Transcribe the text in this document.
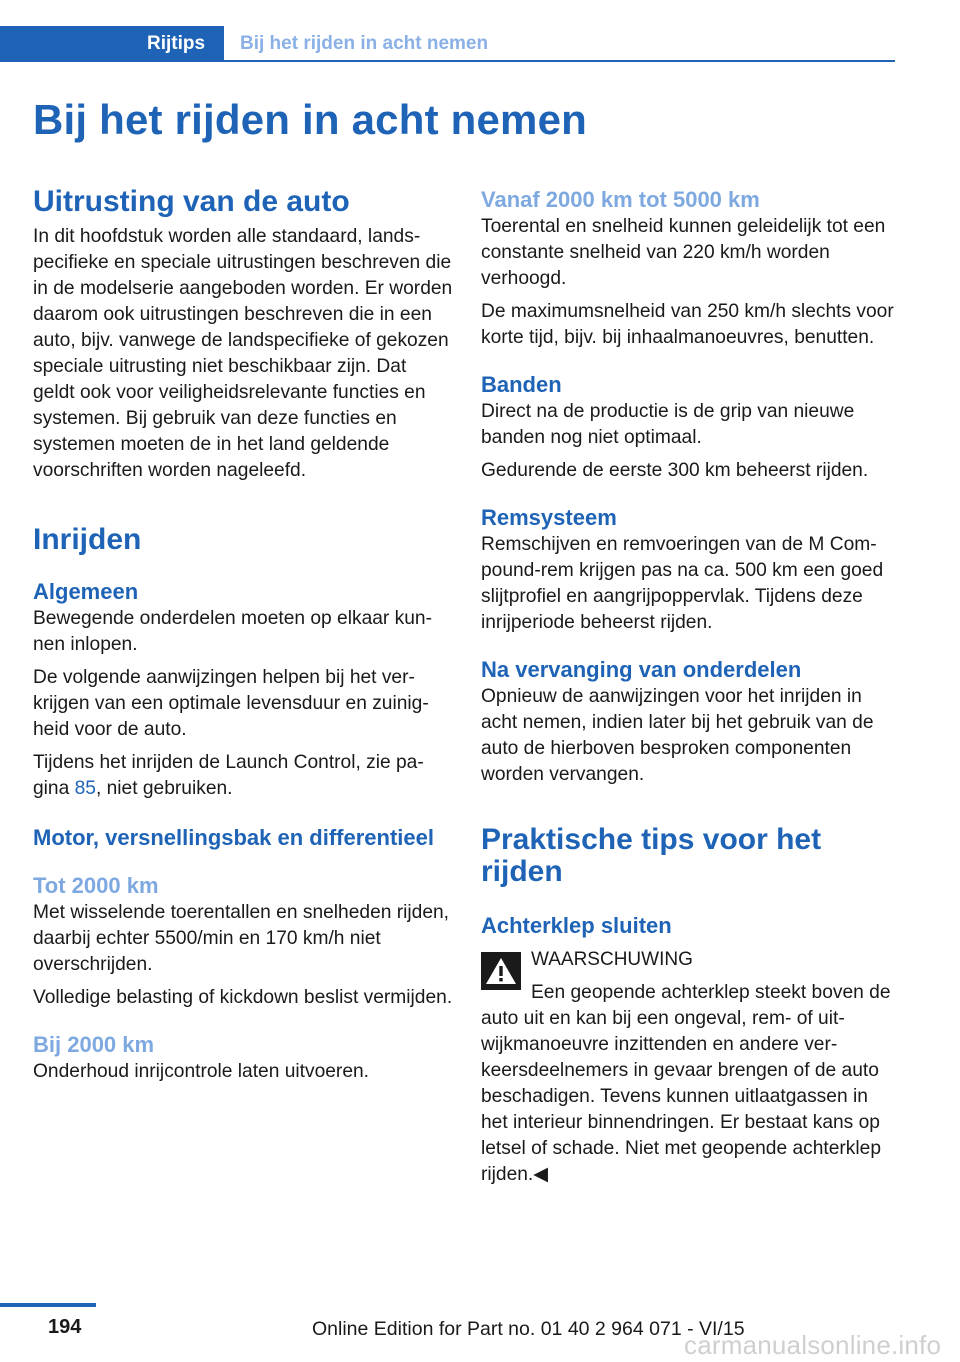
Rijtips	Bij het rijden in acht nemen
Bij het rijden in acht nemen
Uitrusting van de auto

In dit hoofdstuk worden alle standaard, landspecifieke en speciale uitrustingen beschreven die in de modelserie aangeboden worden. Er worden daarom ook uitrustingen beschreven die in een auto, bijv. vanwege de landspecifieke of gekozen speciale uitrusting niet beschikbaar zijn. Dat geldt ook voor veiligheidsrelevante functies en systemen. Bij gebruik van deze functies en systemen moeten de in het land geldende voorschriften worden nageleefd.

Inrijden
Algemeen

Bewegende onderdelen moeten op elkaar kunnen inlopen.

De volgende aanwijzingen helpen bij het verkrijgen van een optimale levensduur en zuinigheid voor de auto.

Tijdens het inrijden de Launch Control, zie pagina 85, niet gebruiken.

Motor, versnellingsbak en differentieel
Tot 2000 km

Met wisselende toerentallen en snelheden rijden, daarbij echter 5500/min en 170 km/h niet overschrijden.

Volledige belasting of kickdown beslist vermijden.

Bij 2000 km

Onderhoud inrijcontrole laten uitvoeren.

Vanaf 2000 km tot 5000 km

Toerental en snelheid kunnen geleidelijk tot een constante snelheid van 220 km/h worden verhoogd.

De maximumsnelheid van 250 km/h slechts voor korte tijd, bijv. bij inhaalmanoeuvres, benutten.

Banden

Direct na de productie is de grip van nieuwe banden nog niet optimaal.

Gedurende de eerste 300 km beheerst rijden.

Remsysteem

Remschijven en remvoeringen van de M Compound-rem krijgen pas na ca. 500 km een goed slijtprofiel en aangrijpoppervlak. Tijdens deze inrijperiode beheerst rijden.

Na vervanging van onderdelen

Opnieuw de aanwijzingen voor het inrijden in acht nemen, indien later bij het gebruik van de auto de hierboven besproken componenten worden vervangen.

Praktische tips voor het rijden
Achterklep sluiten
WAARSCHUWING

Een geopende achterklep steekt boven de auto uit en kan bij een ongeval, rem- of uitwijkmanoeuvre inzittenden en andere verkeersdeelnemers in gevaar brengen of de auto beschadigen. Tevens kunnen uitlaatgassen in het interieur binnendringen. Er bestaat kans op letsel of schade. Niet met geopende achterklep rijden.◀

194	Online Edition for Part no. 01 40 2 964 071 - VI/15
carmanualsonline.info
